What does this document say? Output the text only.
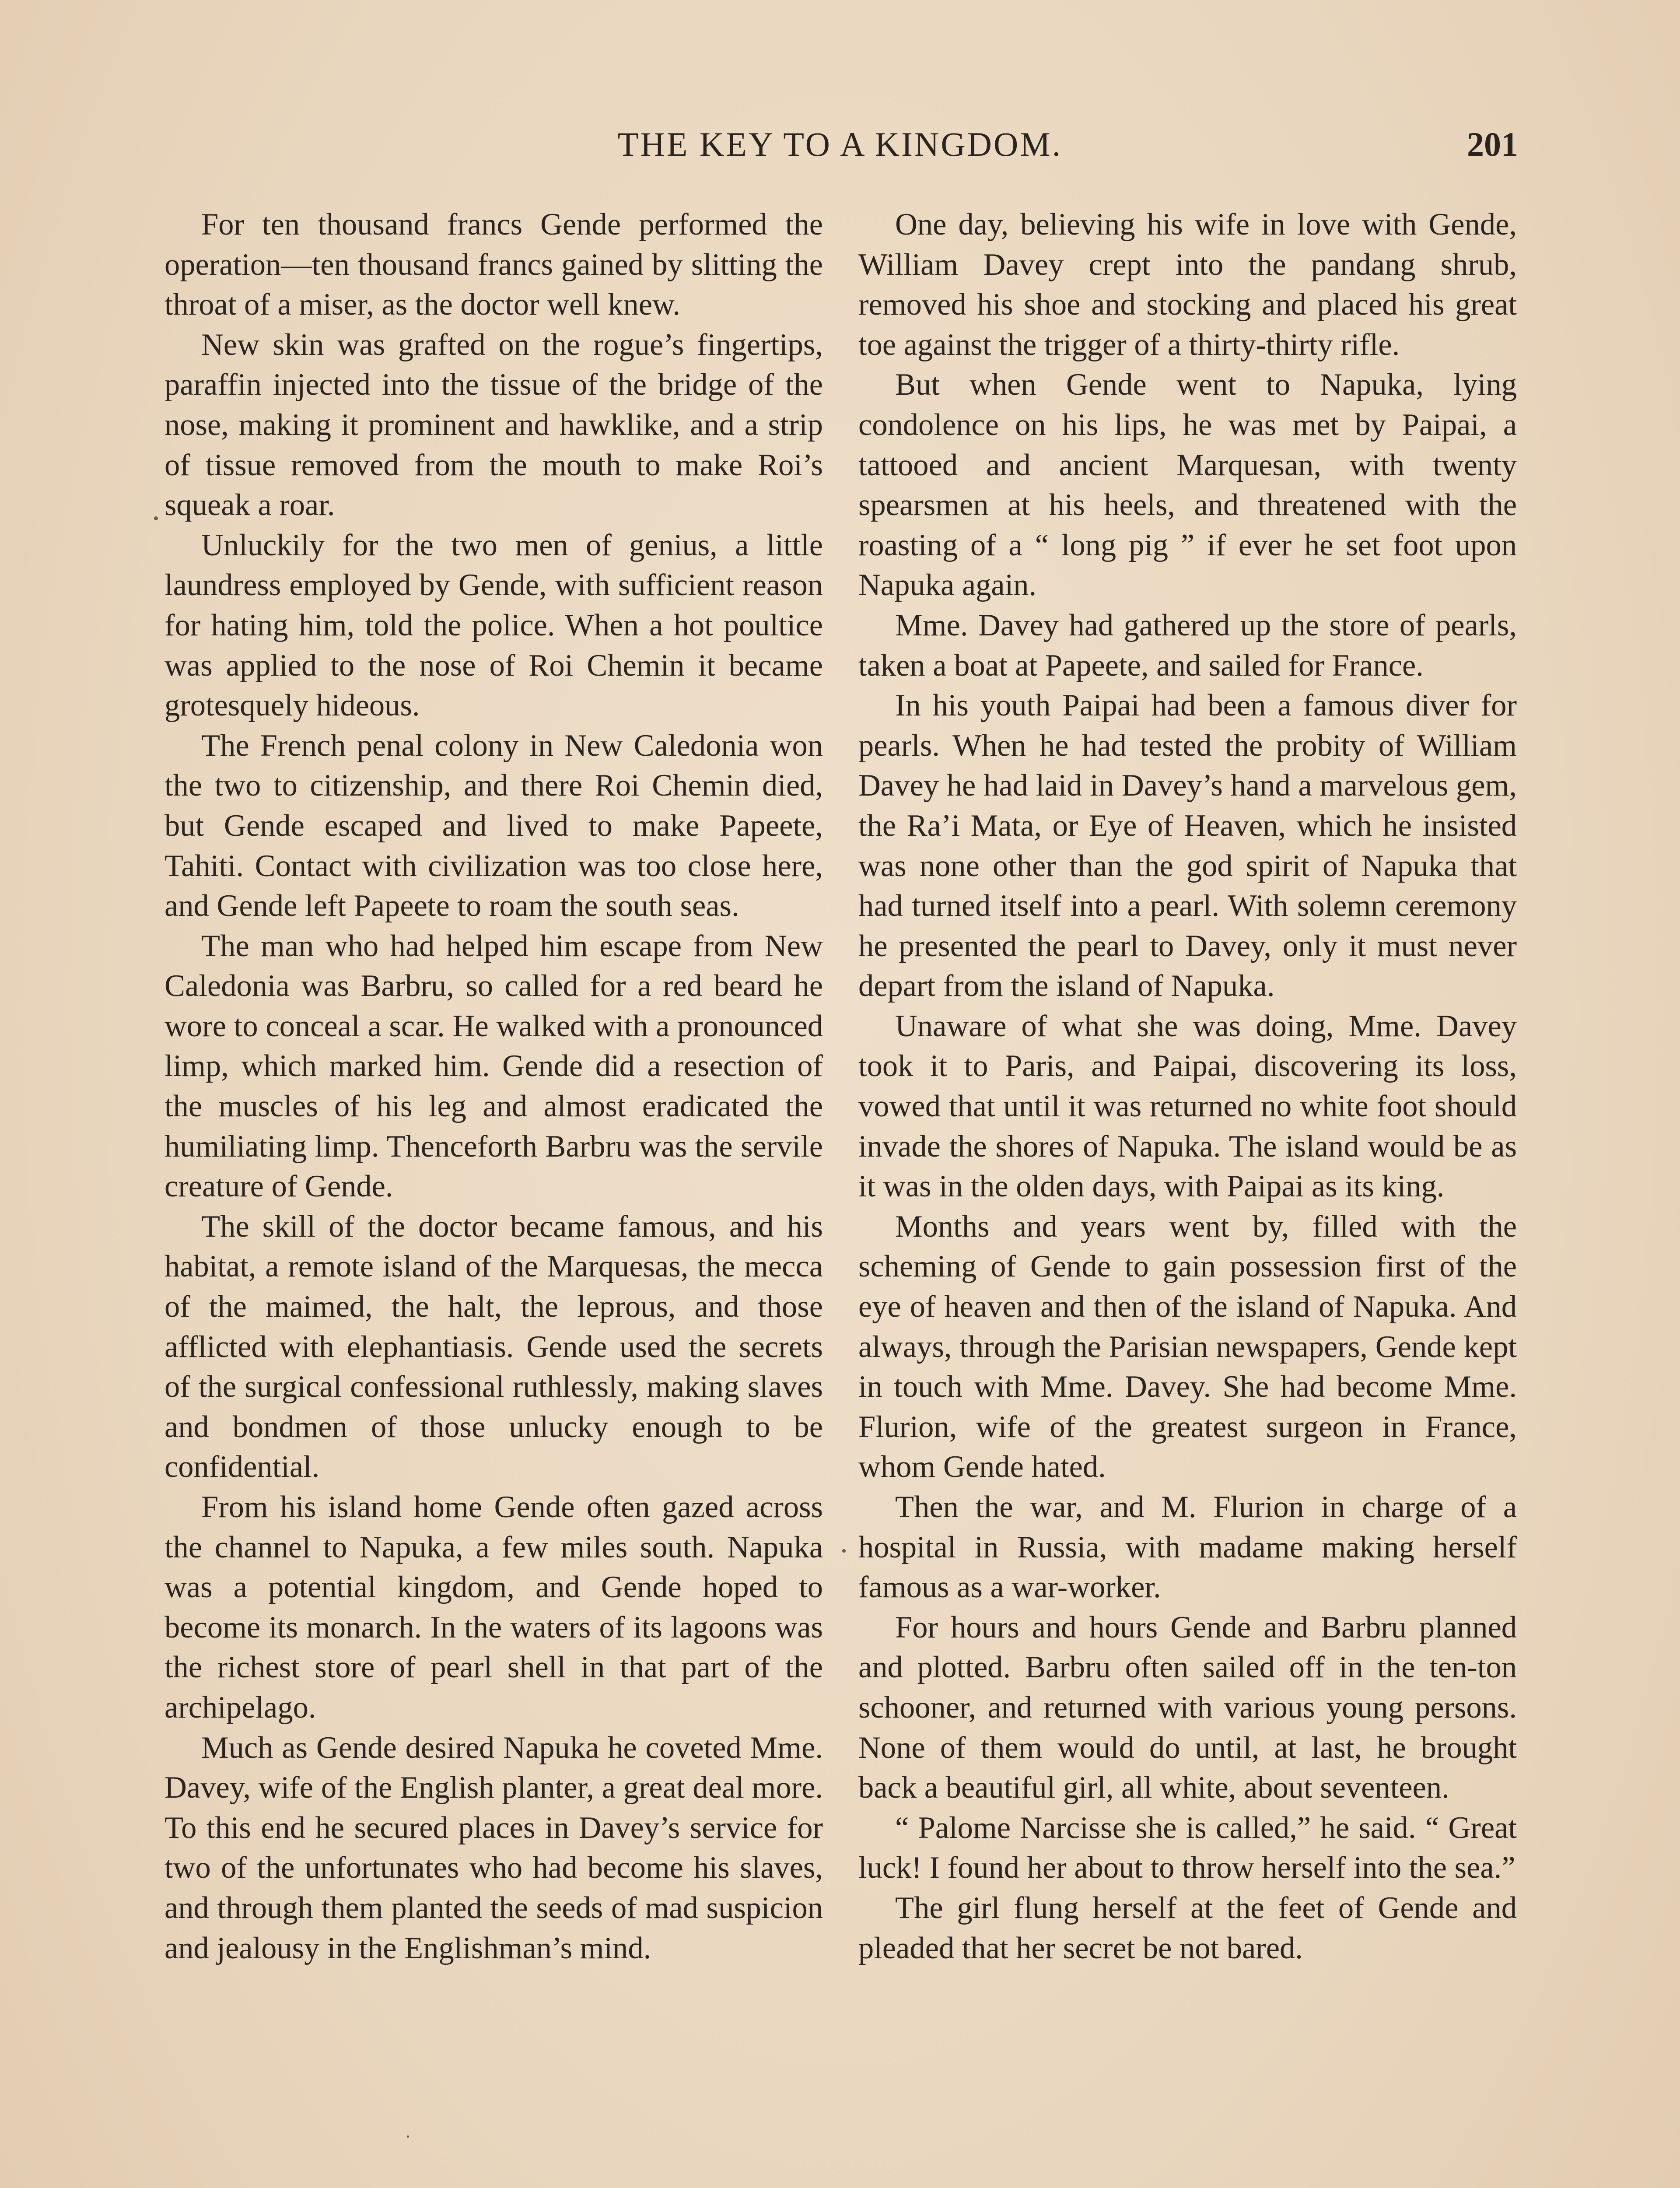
THE KEY TO A KINGDOM.	201

For ten thousand francs Gende performed the operation—ten thousand francs gained by slitting the throat of a miser, as the doctor well knew.

New skin was grafted on the rogue’s fingertips, paraffin injected into the tissue of the bridge of the nose, making it prominent and hawklike, and a strip of tissue removed from the mouth to make Roi’s squeak a roar.

Unluckily for the two men of genius, a little laundress employed by Gende, with sufficient reason for hating him, told the police. When a hot poultice was applied to the nose of Roi Chemin it became grotesquely hideous.

The French penal colony in New Caledonia won the two to citizenship, and there Roi Chemin died, but Gende escaped and lived to make Papeete, Tahiti. Contact with civilization was too close here, and Gende left Papeete to roam the south seas.

The man who had helped him escape from New Caledonia was Barbru, so called for a red beard he wore to conceal a scar. He walked with a pronounced limp, which marked him. Gende did a resection of the muscles of his leg and almost eradicated the humiliating limp. Thenceforth Barbru was the servile creature of Gende.

The skill of the doctor became famous, and his habitat, a remote island of the Marquesas, the mecca of the maimed, the halt, the leprous, and those afflicted with elephantiasis. Gende used the secrets of the surgical confessional ruthlessly, making slaves and bondmen of those unlucky enough to be confidential.

From his island home Gende often gazed across the channel to Napuka, a few miles south. Napuka was a potential kingdom, and Gende hoped to become its monarch. In the waters of its lagoons was the richest store of pearl shell in that part of the archipelago.

Much as Gende desired Napuka he coveted Mme. Davey, wife of the English planter, a great deal more. To this end he secured places in Davey’s service for two of the unfortunates who had become his slaves, and through them planted the seeds of mad suspicion and jealousy in the Englishman’s mind.

One day, believing his wife in love with Gende, William Davey crept into the pandang shrub, removed his shoe and stocking and placed his great toe against the trigger of a thirty-thirty rifle.

But when Gende went to Napuka, lying condolence on his lips, he was met by Paipai, a tattooed and ancient Marquesan, with twenty spearsmen at his heels, and threatened with the roasting of a “ long pig ” if ever he set foot upon Napuka again.

Mme. Davey had gathered up the store of pearls, taken a boat at Papeete, and sailed for France.

In his youth Paipai had been a famous diver for pearls. When he had tested the probity of William Davey he had laid in Davey’s hand a marvelous gem, the Ra’i Mata, or Eye of Heaven, which he insisted was none other than the god spirit of Napuka that had turned itself into a pearl. With solemn ceremony he presented the pearl to Davey, only it must never depart from the island of Napuka.

Unaware of what she was doing, Mme. Davey took it to Paris, and Paipai, discovering its loss, vowed that until it was returned no white foot should invade the shores of Napuka. The island would be as it was in the olden days, with Paipai as its king.

Months and years went by, filled with the scheming of Gende to gain possession first of the eye of heaven and then of the island of Napuka. And always, through the Parisian newspapers, Gende kept in touch with Mme. Davey. She had become Mme. Flurion, wife of the greatest surgeon in France, whom Gende hated.

Then the war, and M. Flurion in charge of a hospital in Russia, with madame making herself famous as a war-worker.

For hours and hours Gende and Barbru planned and plotted. Barbru often sailed off in the ten-ton schooner, and returned with various young persons. None of them would do until, at last, he brought back a beautiful girl, all white, about seventeen.

“ Palome Narcisse she is called,” he said. “ Great luck! I found her about to throw herself into the sea.”

The girl flung herself at the feet of Gende and pleaded that her secret be not bared.
